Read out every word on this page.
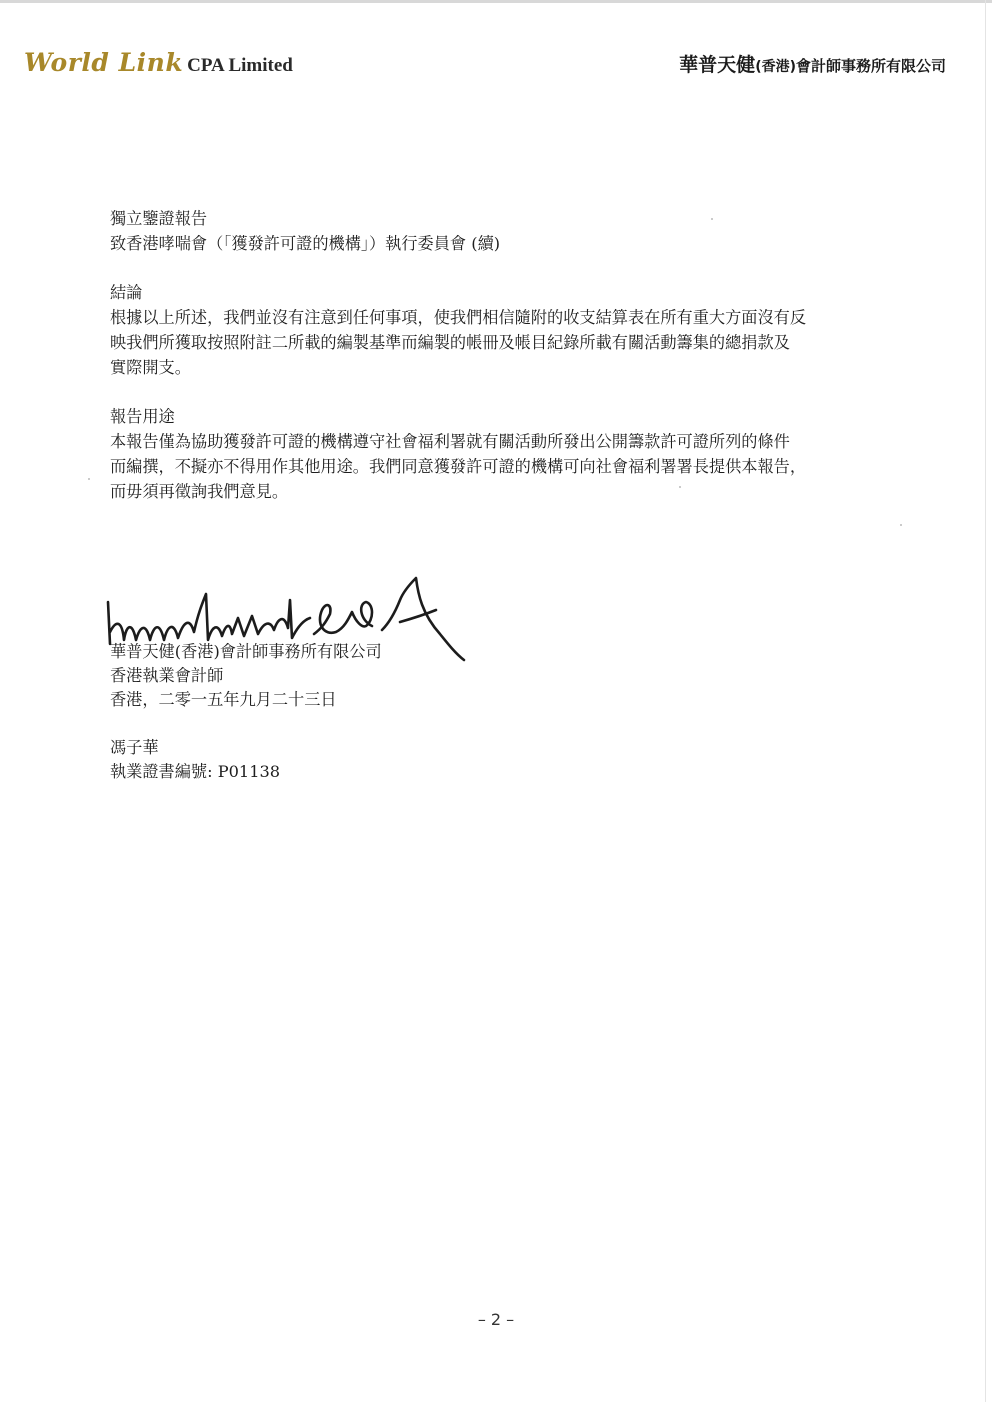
World Link CPA Limited	華普天健(香港)會計師事務所有限公司

獨立鑒證報告

致香港哮喘會（「獲發許可證的機構」）執行委員會 (續)

結論

根據以上所述，我們並沒有注意到任何事項，使我們相信隨附的收支結算表在所有重大方面沒有反

映我們所獲取按照附註二所載的編製基準而編製的帳冊及帳目紀錄所載有關活動籌集的總捐款及

實際開支。

報告用途

本報告僅為協助獲發許可證的機構遵守社會福利署就有關活動所發出公開籌款許可證所列的條件

而編撰，不擬亦不得用作其他用途。我們同意獲發許可證的機構可向社會福利署署長提供本報告，

而毋須再徵詢我們意見。

華普天健(香港)會計師事務所有限公司

香港執業會計師

香港，二零一五年九月二十三日

馮子華

執業證書編號: P01138

– 2 –
